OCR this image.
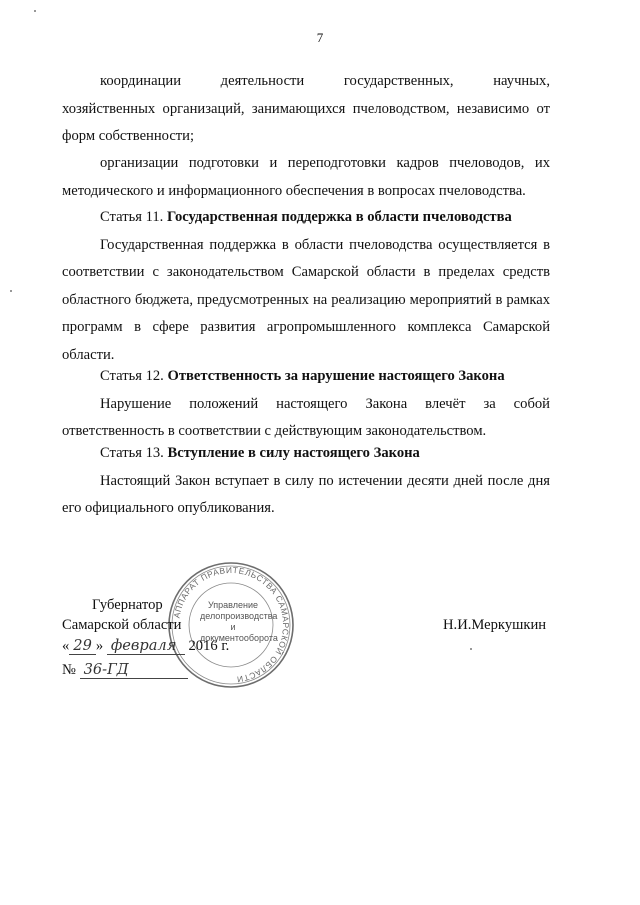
7

координации деятельности государственных, научных,

хозяйственных организаций, занимающихся пчеловодством, независимо от форм собственности;

организации подготовки и переподготовки кадров пчеловодов, их методического и информационного обеспечения в вопросах пчеловодства.

Статья 11. Государственная поддержка в области пчеловодства

Государственная поддержка в области пчеловодства осуществляется в соответствии с законодательством Самарской области в пределах средств областного бюджета, предусмотренных на реализацию мероприятий в рамках программ в сфере развития агропромышленного комплекса Самарской области.

Статья 12. Ответственность за нарушение настоящего Закона

Нарушение положений настоящего Закона влечёт за собой ответственность в соответствии с действующим законодательством.

Статья 13. Вступление в силу настоящего Закона

Настоящий Закон вступает в силу по истечении десяти дней после дня его официального опубликования.

АППАРАТ ПРАВИТЕЛЬСТВА САМАРСКОЙ ОБЛАСТИ
Управление
делопроизводства
и документооборота
Губернатор
Самарской области	Н.И.Меркушкин
« 29 » февраля 2016 г.
№ 36-ГД
